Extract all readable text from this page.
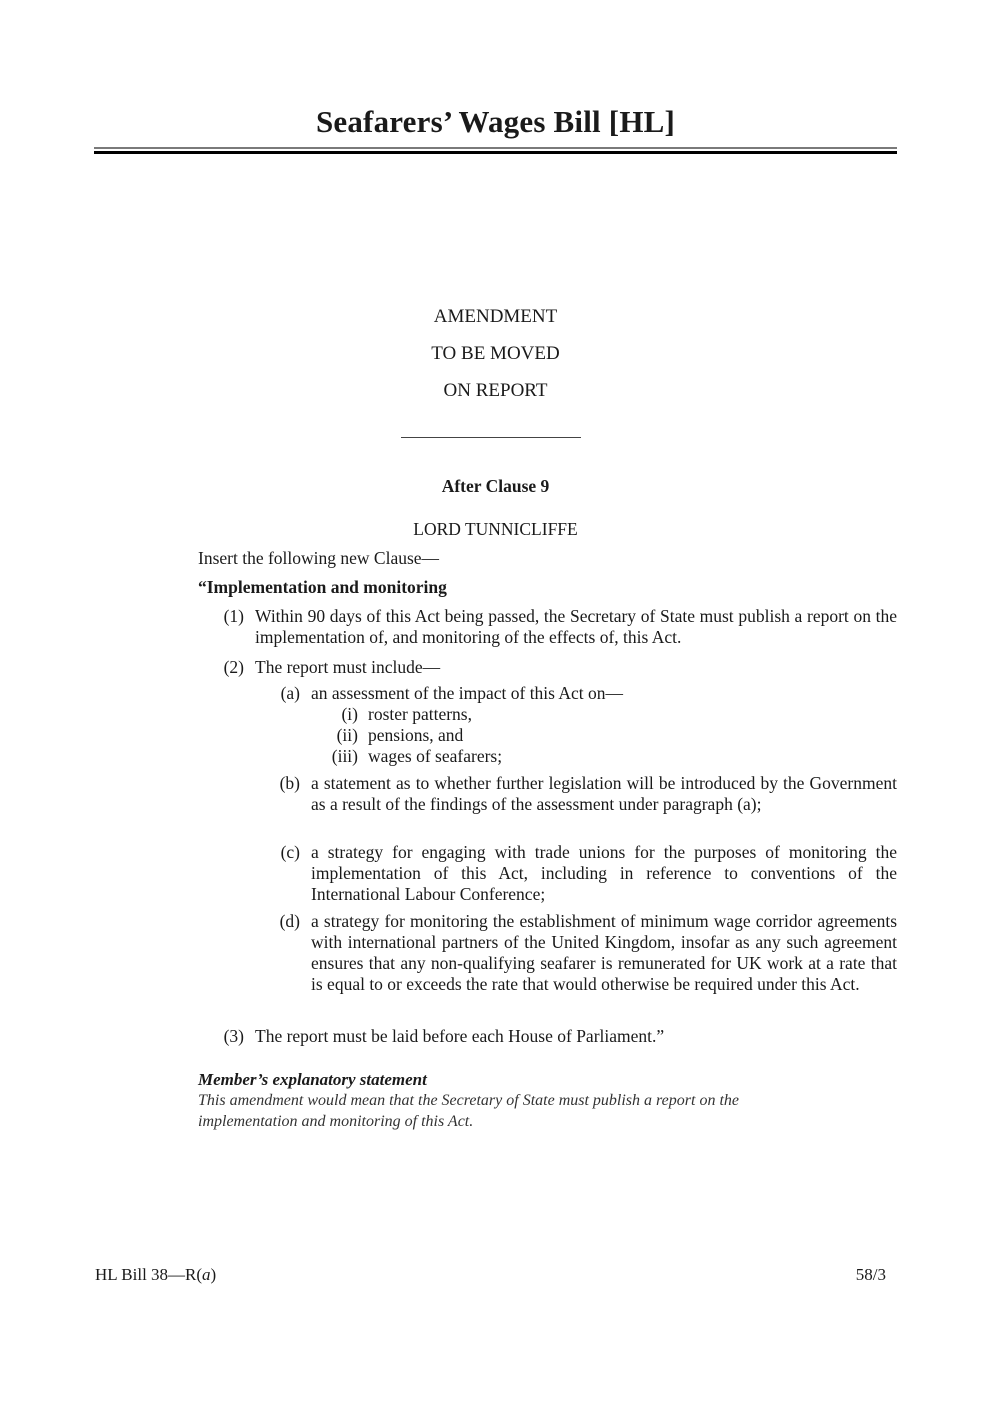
Seafarers’ Wages Bill [HL]
AMENDMENT
TO BE MOVED
ON REPORT
After Clause 9
LORD TUNNICLIFFE
Insert the following new Clause—
“Implementation and monitoring
(1) Within 90 days of this Act being passed, the Secretary of State must publish a report on the implementation of, and monitoring of the effects of, this Act.
(2) The report must include—
(a) an assessment of the impact of this Act on—
(i) roster patterns,
(ii) pensions, and
(iii) wages of seafarers;
(b) a statement as to whether further legislation will be introduced by the Government as a result of the findings of the assessment under paragraph (a);
(c) a strategy for engaging with trade unions for the purposes of monitoring the implementation of this Act, including in reference to conventions of the International Labour Conference;
(d) a strategy for monitoring the establishment of minimum wage corridor agreements with international partners of the United Kingdom, insofar as any such agreement ensures that any non-qualifying seafarer is remunerated for UK work at a rate that is equal to or exceeds the rate that would otherwise be required under this Act.
(3) The report must be laid before each House of Parliament.”
Member’s explanatory statement
This amendment would mean that the Secretary of State must publish a report on the implementation and monitoring of this Act.
HL Bill 38—R(a)	58/3
